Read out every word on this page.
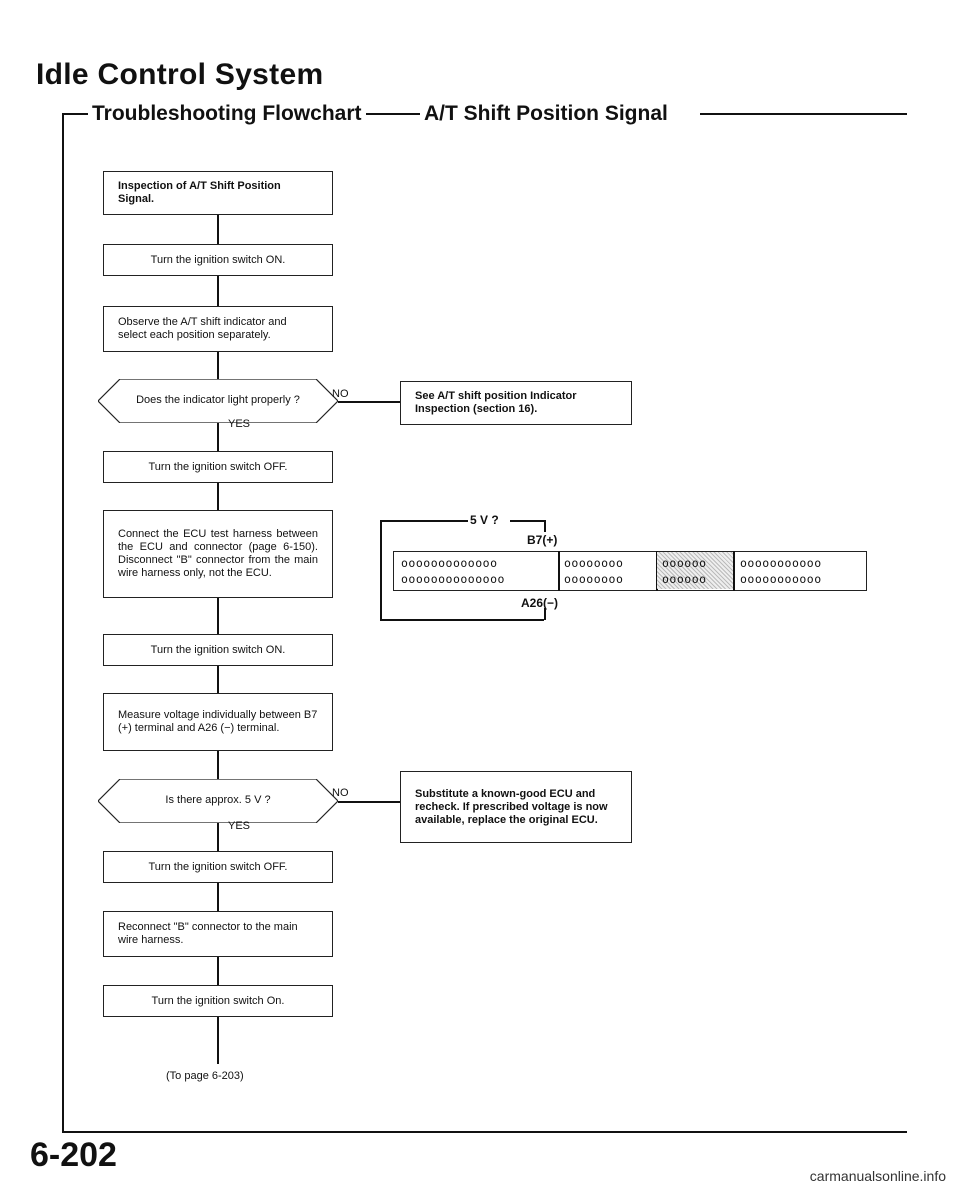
Idle Control System
Troubleshooting Flowchart	A/T Shift Position Signal
Inspection of A/T Shift Position Signal.
Turn the ignition switch ON.
Observe the A/T shift indicator and select each position separately.
Does the indicator light properly ?	NO
YES
See A/T shift position Indicator Inspection (section 16).
Turn the ignition switch OFF.
Connect the ECU test harness between the ECU and connector (page 6-150). Disconnect "B" connector from the main wire harness only, not the ECU.
Turn the ignition switch ON.
Measure voltage individually between B7 (+) terminal and A26 (−) terminal.
Is there approx. 5 V ?
NO
YES
Substitute a known-good ECU and recheck. If prescribed voltage is now available, replace the original ECU.
Turn the ignition switch OFF.
Reconnect "B" connector to the main wire harness.
Turn the ignition switch On.
(To page 6-203)
5 V ?
B7(+)
A26(−)
ooooooooooooo
oooooooooooooo
oooooooo
oooooooo
oooooo
oooooo
ooooooooooo
ooooooooooo
6-202
carmanualsonline.info
